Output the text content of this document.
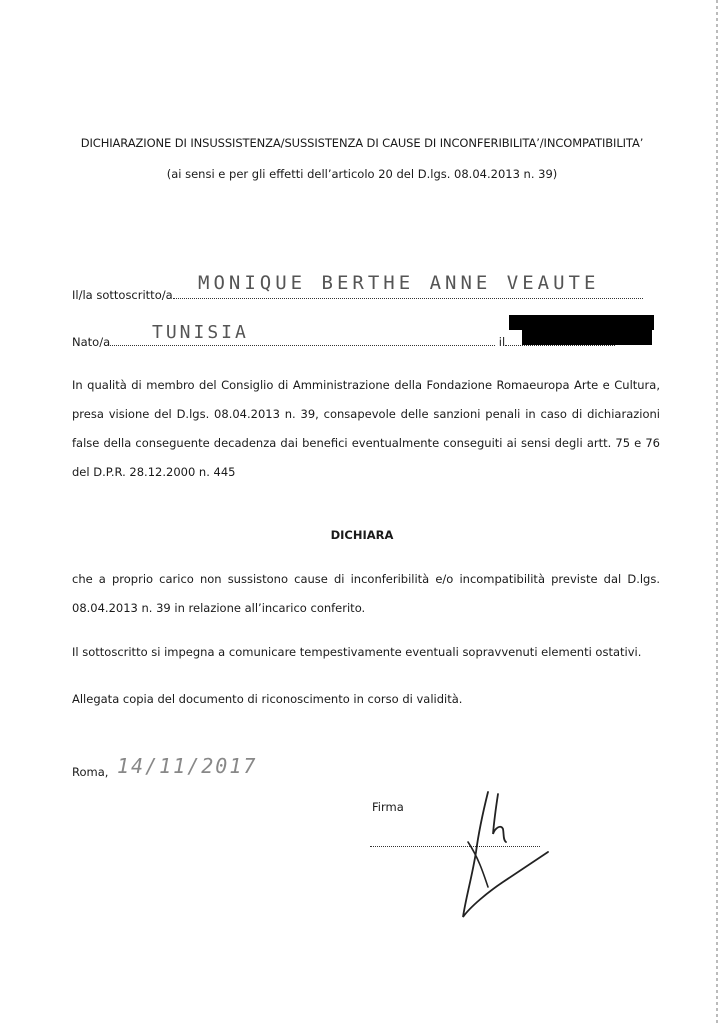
DICHIARAZIONE DI INSUSSISTENZA/SUSSISTENZA DI CAUSE DI INCONFERIBILITA’/INCOMPATIBILITA’
(ai sensi e per gli effetti dell’articolo 20 del D.lgs. 08.04.2013 n. 39)
Il/la sottoscritto/a
MONIQUE BERTHE ANNE VEAUTE
Nato/a	il
TUNISIA
In qualità di membro del Consiglio di Amministrazione della Fondazione Romaeuropa Arte e Cultura, presa visione del D.lgs. 08.04.2013 n. 39, consapevole delle sanzioni penali in caso di dichiarazioni false della conseguente decadenza dai benefici eventualmente conseguiti ai sensi degli artt. 75 e 76 del D.P.R. 28.12.2000 n. 445
DICHIARA
che a proprio carico non sussistono cause di inconferibilità e/o incompatibilità previste dal D.lgs. 08.04.2013 n. 39 in relazione all’incarico conferito.
Il sottoscritto si impegna a comunicare tempestivamente eventuali sopravvenuti elementi ostativi.
Allegata copia del documento di riconoscimento in corso di validità.
Roma, 14/11/2017
Firma
